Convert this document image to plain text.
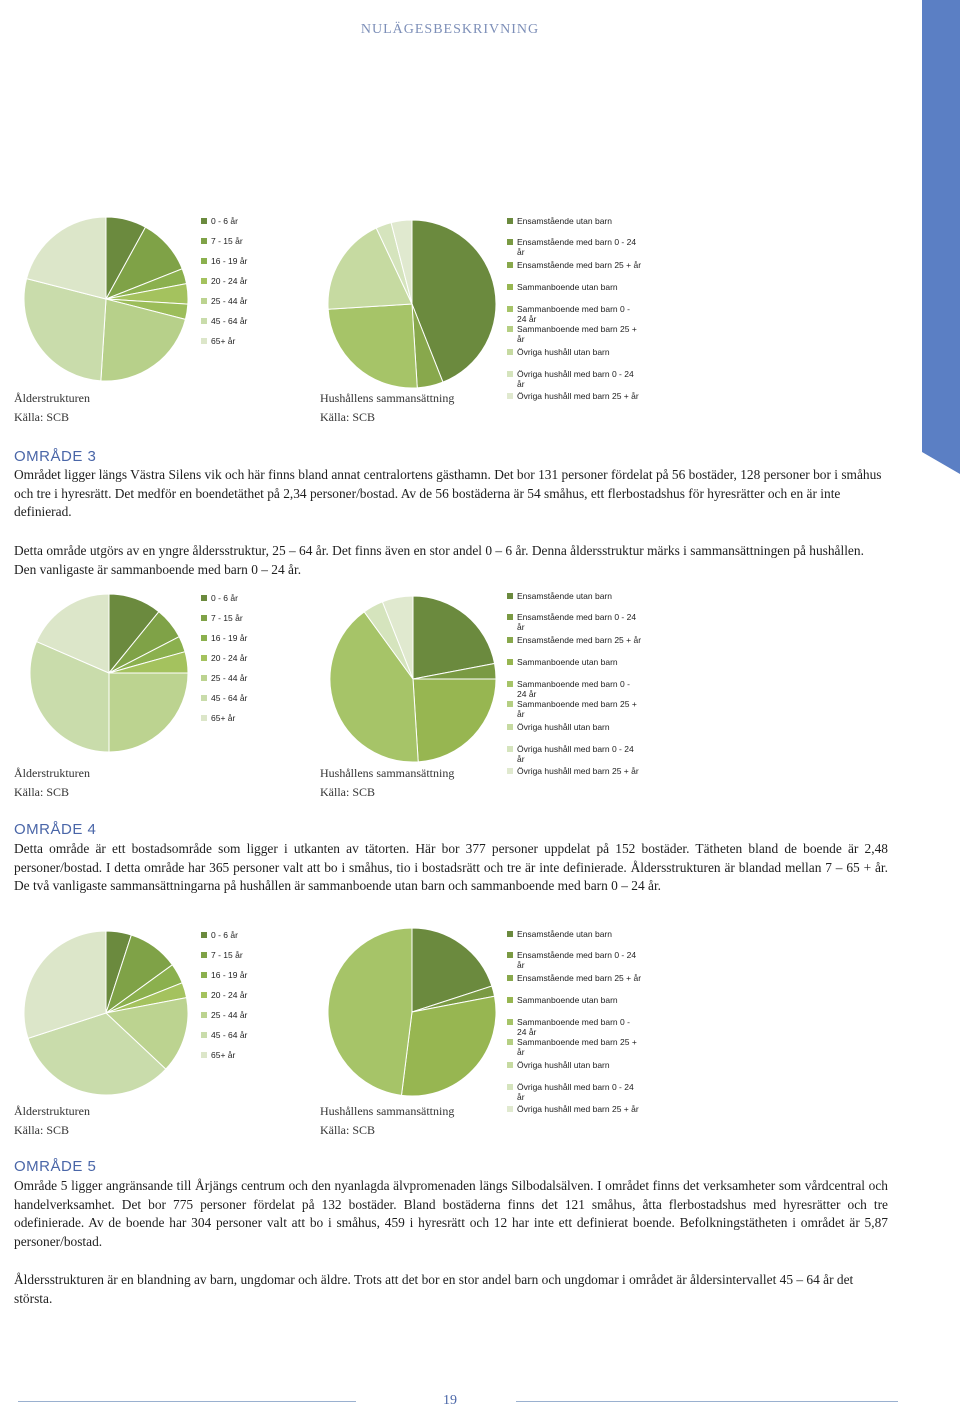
NULÄGESBESKRIVNING
0 - 6 år
7 - 15 år
16 - 19 år
20 - 24 år
25 - 44 år
45 - 64 år
65+ år
Ensamstående utan barn
Ensamstående med barn 0 - 24
år
Ensamstående med barn 25 + år
Sammanboende utan barn
Sammanboende med barn 0 -
24 år
Sammanboende med barn 25 +
år
Övriga hushåll utan barn
Övriga hushåll med barn 0 - 24
år
Övriga hushåll med barn 25 + år
Ålderstrukturen
Källa: SCB
Hushållens sammansättning
Källa: SCB
OMRÅDE 3
Området ligger längs Västra Silens vik och här finns bland annat centralortens gästhamn. Det bor 131 personer fördelat på 56 bostäder, 128 personer bor i småhus och tre i hyresrätt. Det medför en boendetäthet på 2,34 personer/bostad. Av de 56 bostäderna är 54 småhus, ett flerbostadshus för hyresrätter och en är inte definierad.
Detta område utgörs av en yngre åldersstruktur, 25 – 64 år. Det finns även en stor andel 0 – 6 år. Denna åldersstruktur märks i sammansättningen på hushållen. Den vanligaste är sammanboende med barn 0 – 24 år.
0 - 6 år
7 - 15 år
16 - 19 år
20 - 24 år
25 - 44 år
45 - 64 år
65+ år
Ensamstående utan barn
Ensamstående med barn 0 - 24
år
Ensamstående med barn 25 + år
Sammanboende utan barn
Sammanboende med barn 0 -
24 år
Sammanboende med barn 25 +
år
Övriga hushåll utan barn
Övriga hushåll med barn 0 - 24
år
Övriga hushåll med barn 25 + år
Ålderstrukturen
Källa: SCB
Hushållens sammansättning
Källa: SCB
OMRÅDE 4
Detta område är ett bostadsområde som ligger i utkanten av tätorten. Här bor 377 personer uppdelat på 152 bostäder. Tätheten bland de boende är 2,48 personer/bostad. I detta område har 365 personer valt att bo i småhus, tio i bostadsrätt och tre är inte definierade. Åldersstrukturen är blandad mellan 7 – 65 + år. De två vanligaste sammansättningarna på hushållen är sammanboende utan barn och sammanboende med barn 0 – 24 år.
0 - 6 år
7 - 15 år
16 - 19 år
20 - 24 år
25 - 44 år
45 - 64 år
65+ år
Ensamstående utan barn
Ensamstående med barn 0 - 24
år
Ensamstående med barn 25 + år
Sammanboende utan barn
Sammanboende med barn 0 -
24 år
Sammanboende med barn 25 +
år
Övriga hushåll utan barn
Övriga hushåll med barn 0 - 24
år
Övriga hushåll med barn 25 + år
Ålderstrukturen
Källa: SCB
Hushållens sammansättning
Källa: SCB
OMRÅDE 5
Område 5 ligger angränsande till Årjängs centrum och den nyanlagda älvpromenaden längs Silbodalsälven. I området finns det verksamheter som vårdcentral och handelverksamhet. Det bor 775 personer fördelat på 132 bostäder. Bland bostäderna finns det 121 småhus, åtta flerbostadshus med hyresrätter och tre odefinierade. Av de boende har 304 personer valt att bo i småhus, 459 i hyresrätt och 12 har inte ett definierat boende. Befolkningstätheten i området är 5,87 personer/bostad.
Åldersstrukturen är en blandning av barn, ungdomar och äldre. Trots att det bor en stor andel barn och ungdomar i området är åldersintervallet 45 – 64 år det största.
19
